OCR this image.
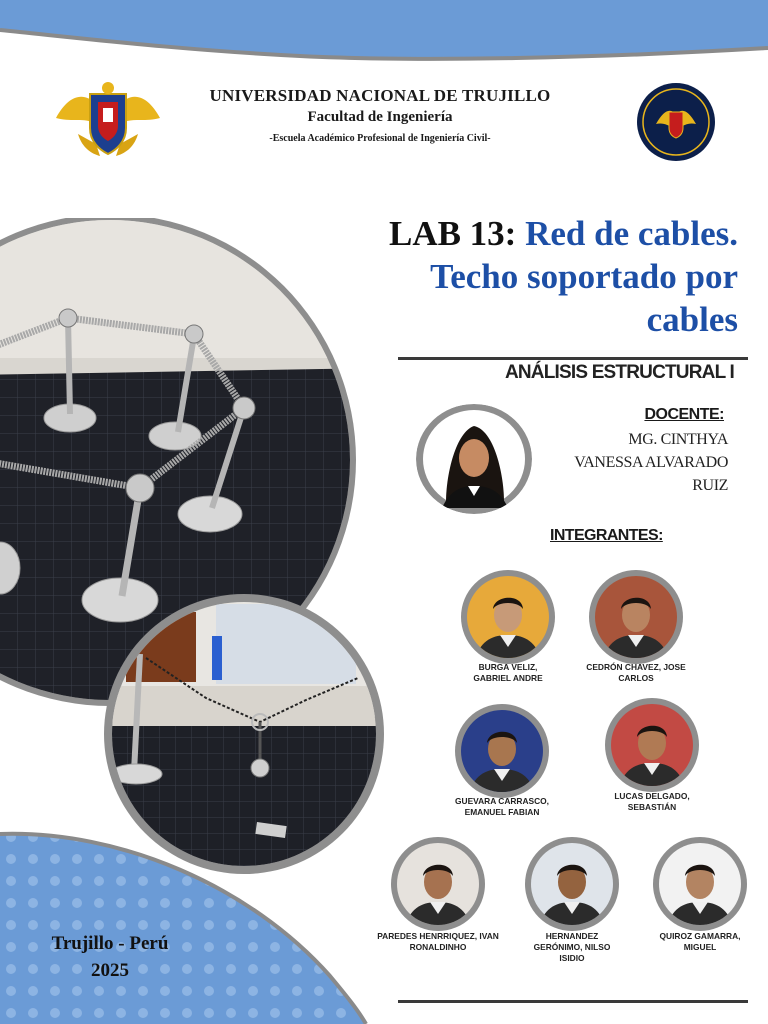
UNIVERSIDAD NACIONAL DE TRUJILLO
Facultad de Ingeniería
-Escuela Académico Profesional de Ingeniería Civil-
LAB 13: Red de cables.
Techo soportado por
cables
ANÁLISIS ESTRUCTURAL I
DOCENTE:
MG. CINTHYA
VANESSA ALVARADO
RUIZ
INTEGRANTES:
BURGA VELIZ,
GABRIEL ANDRE
CEDRÓN CHAVEZ, JOSE
CARLOS
GUEVARA CARRASCO,
EMANUEL FABIAN
LUCAS DELGADO,
SEBASTIÁN
PAREDES HENRRIQUEZ, IVAN
RONALDINHO
HERNANDEZ
GERÓNIMO, NILSO
ISIDIO
QUIROZ GAMARRA,
MIGUEL
Trujillo - Perú
2025
